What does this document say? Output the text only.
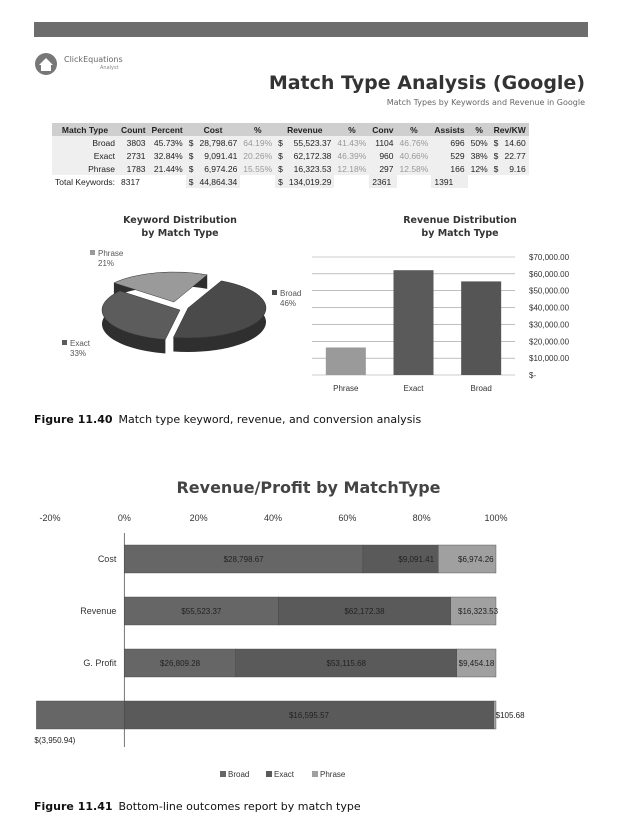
ClickEquations
Analyst
Match Type Analysis (Google)
Match Types by Keywords and Revenue in Google
Match Type	Count	Percent	Cost		%	Revenue		%	Conv	%	Assists	%	Rev/KW	
Broad	3803	45.73%	$	28,798.67	64.19%	$	55,523.37	41.43%	1104	46.76%	696	50%	$	14.60
Exact	2731	32.84%	$	9,091.41	20.26%	$	62,172.38	46.39%	960	40.66%	529	38%	$	22.77
Phrase	1783	21.44%	$	6,974.26	15.55%	$	16,323.53	12.18%	297	12.58%	166	12%	$	9.16
Total Keywords:	8317		$	44,864.34		$	134,019.29		2361		1391			
Keyword Distribution
by Match Type
Broad
46%
Exact
33%
Phrase
21%
Revenue Distribution
by Match Type
$-
$10,000.00
$20,000.00
$30,000.00
$40,000.00
$50,000.00
$60,000.00
$70,000.00
Phrase	Exact	Broad
Figure 11.40 Match type keyword, revenue, and conversion analysis
Revenue/Profit by MatchType
-20%	0%	20%	40%	60%	80%	100%
Cost	$28,798.67	$9,091.41	$6,974.26
Revenue	$55,523.37	$62,172.38	$16,323.53
G. Profit	$26,809.28	$53,115.68	$9,454.18
$(3,950.94)
$16,595.57	$105.68
Broad	Exact	Phrase
Figure 11.41 Bottom-line outcomes report by match type
